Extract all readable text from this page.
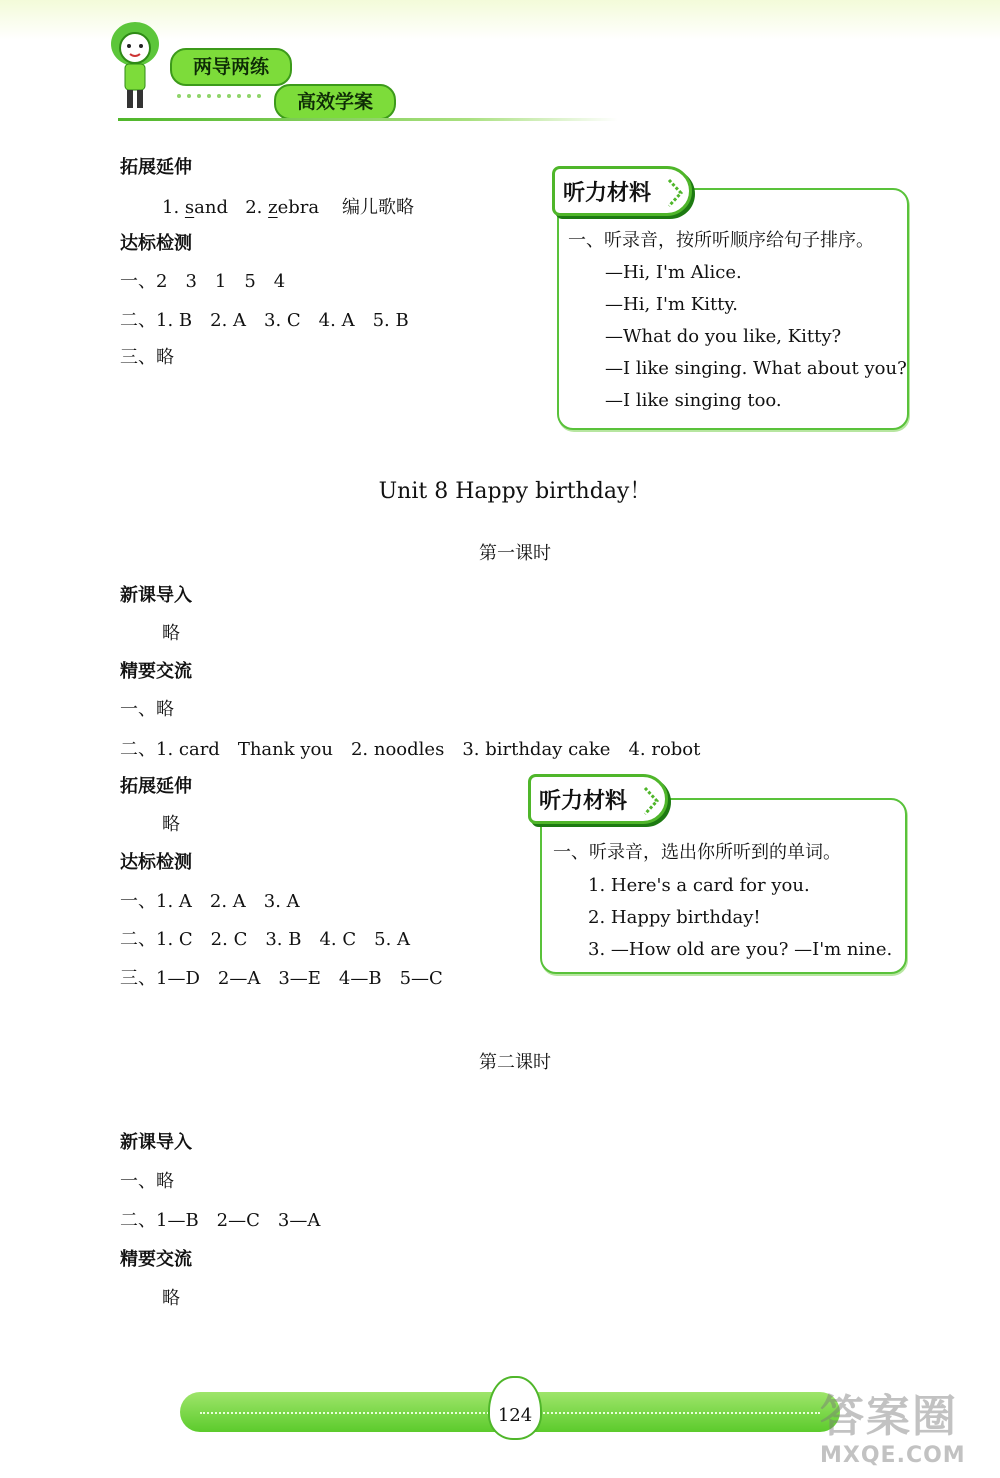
两导两练
高效学案
拓展延伸
1. sand 2. zebra 编儿歌略
达标检测
一、2　3　1　5　4
二、1. B　2. A　3. C　4. A　5. B
三、略
听力材料
一、听录音，按所听顺序给句子排序。
—Hi, I'm Alice.
—Hi, I'm Kitty.
—What do you like, Kitty?
—I like singing. What about you?
—I like singing too.
Unit 8 Happy birthday！
第一课时
新课导入
略
精要交流
一、略
二、1. card　Thank you　2. noodles　3. birthday cake　4. robot
拓展延伸
略
达标检测
一、1. A　2. A　3. A
二、1. C　2. C　3. B　4. C　5. A
三、1—D　2—A　3—E　4—B　5—C
听力材料
一、听录音，选出你所听到的单词。
1. Here's a card for you.
2. Happy birthday!
3. —How old are you? —I'm nine.
第二课时
新课导入
一、略
二、1—B　2—C　3—A
精要交流
略
124	答案圈
MXQE.COM
